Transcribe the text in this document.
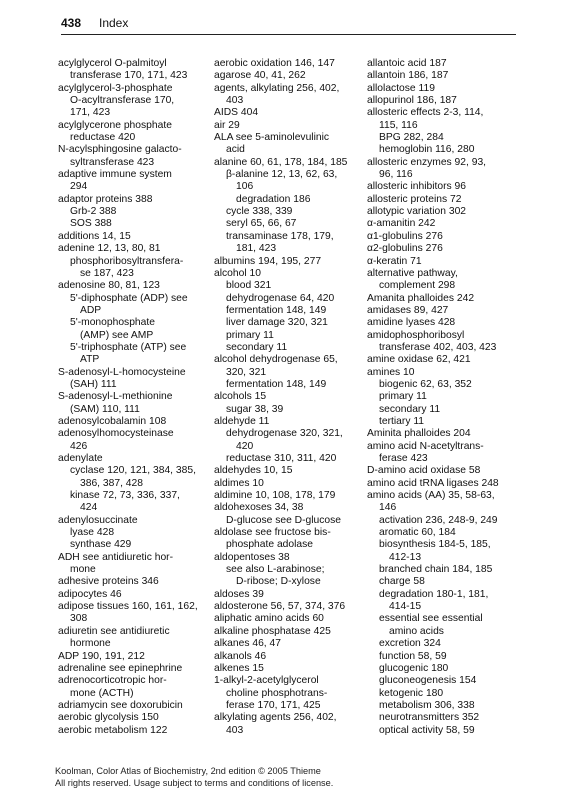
438 Index
acylglycerol O-palmitoyl
transferase 170, 171, 423
acylglycerol-3-phosphate
O-acyltransferase 170,
171, 423
acylglycerone phosphate
reductase 420
N-acylsphingosine galacto-
syltransferase 423
adaptive immune system
294
adaptor proteins 388
Grb-2 388
SOS 388
additions 14, 15
adenine 12, 13, 80, 81
phosphoribosyltransfera-
se 187, 423
adenosine 80, 81, 123
5'-diphosphate (ADP) see
ADP
5'-monophosphate
(AMP) see AMP
5'-triphosphate (ATP) see
ATP
S-adenosyl-L-homocysteine
(SAH) 111
S-adenosyl-L-methionine
(SAM) 110, 111
adenosylcobalamin 108
adenosylhomocysteinase
426
adenylate
cyclase 120, 121, 384, 385,
386, 387, 428
kinase 72, 73, 336, 337,
424
adenylosuccinate
lyase 428
synthase 429
ADH see antidiuretic hor-
mone
adhesive proteins 346
adipocytes 46
adipose tissues 160, 161, 162,
308
adiuretin see antidiuretic
hormone
ADP 190, 191, 212
adrenaline see epinephrine
adrenocorticotropic hor-
mone (ACTH)
adriamycin see doxorubicin
aerobic glycolysis 150
aerobic metabolism 122
aerobic oxidation 146, 147
agarose 40, 41, 262
agents, alkylating 256, 402,
403
AIDS 404
air 29
ALA see 5-aminolevulinic
acid
alanine 60, 61, 178, 184, 185
β-alanine 12, 13, 62, 63,
106
degradation 186
cycle 338, 339
seryl 65, 66, 67
transaminase 178, 179,
181, 423
albumins 194, 195, 277
alcohol 10
blood 321
dehydrogenase 64, 420
fermentation 148, 149
liver damage 320, 321
primary 11
secondary 11
alcohol dehydrogenase 65,
320, 321
fermentation 148, 149
alcohols 15
sugar 38, 39
aldehyde 11
dehydrogenase 320, 321,
420
reductase 310, 311, 420
aldehydes 10, 15
aldimes 10
aldimine 10, 108, 178, 179
aldohexoses 34, 38
D-glucose see D-glucose
aldolase see fructose bis-
phosphate adolase
aldopentoses 38
see also L-arabinose;
D-ribose; D-xylose
aldoses 39
aldosterone 56, 57, 374, 376
aliphatic amino acids 60
alkaline phosphatase 425
alkanes 46, 47
alkanols 46
alkenes 15
1-alkyl-2-acetylglycerol
choline phosphotrans-
ferase 170, 171, 425
alkylating agents 256, 402,
403
allantoic acid 187
allantoin 186, 187
allolactose 119
allopurinol 186, 187
allosteric effects 2-3, 114,
115, 116
BPG 282, 284
hemoglobin 116, 280
allosteric enzymes 92, 93,
96, 116
allosteric inhibitors 96
allosteric proteins 72
allotypic variation 302
α-amanitin 242
α1-globulins 276
α2-globulins 276
α-keratin 71
alternative pathway,
complement 298
Amanita phalloides 242
amidases 89, 427
amidine lyases 428
amidophosphoribosyl
transferase 402, 403, 423
amine oxidase 62, 421
amines 10
biogenic 62, 63, 352
primary 11
secondary 11
tertiary 11
Aminita phalloides 204
amino acid N-acetyltrans-
ferase 423
D-amino acid oxidase 58
amino acid tRNA ligases 248
amino acids (AA) 35, 58-63,
146
activation 236, 248-9, 249
aromatic 60, 184
biosynthesis 184-5, 185,
412-13
branched chain 184, 185
charge 58
degradation 180-1, 181,
414-15
essential see essential
amino acids
excretion 324
function 58, 59
glucogenic 180
gluconeogenesis 154
ketogenic 180
metabolism 306, 338
neurotransmitters 352
optical activity 58, 59
Koolman, Color Atlas of Biochemistry, 2nd edition © 2005 Thieme
All rights reserved. Usage subject to terms and conditions of license.
